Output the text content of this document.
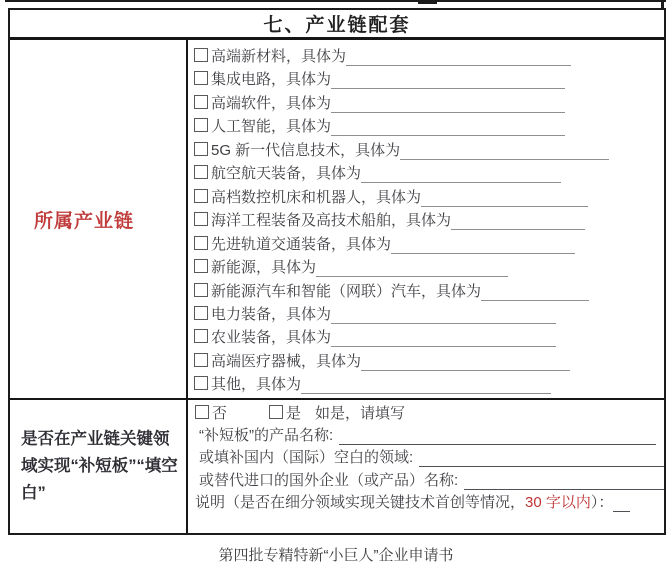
七、产业链配套
所属产业链
高端新材料，具体为
集成电路，具体为
高端软件，具体为
人工智能，具体为
5G 新一代信息技术，具体为
航空航天装备，具体为
高档数控机床和机器人，具体为
海洋工程装备及高技术船舶，具体为
先进轨道交通装备，具体为
新能源，具体为
新能源汽车和智能（网联）汽车，具体为
电力装备，具体为
农业装备，具体为
高端医疗器械，具体为
其他，具体为
是否在产业链关键领域实现“补短板”“填空白”
否	是 如是，请填写
“补短板”的产品名称:
或填补国内（国际）空白的领域:
或替代进口的国外企业（或产品）名称:
说明（是否在细分领域实现关键技术首创等情况，30 字以内）：
第四批专精特新“小巨人”企业申请书
